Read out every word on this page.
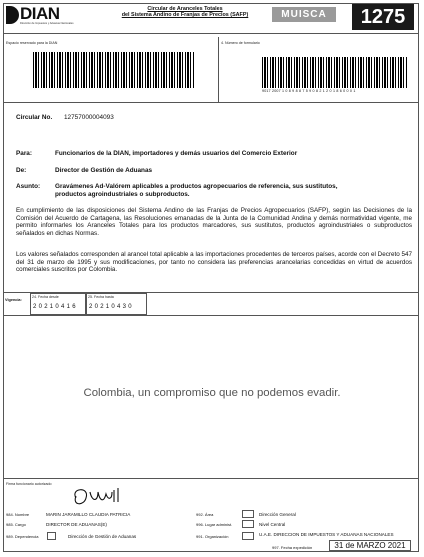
DIAN
Dirección de Impuestos y Aduanas Nacionales
Circular de Aranceles Totales
del Sistema Andino de Franjas de Precios (SAFP)	MUISCA	1275
Espacio reservado para la DIAN	4. Número de formulario
9017 2007 1 0 8 9 8 8 7 5 9 0 8 2 1 2 0 1 8 6 0 0 0 1
Circular No. 12757000004093
Para:	Funcionarios de la DIAN, importadores y demás usuarios del Comercio Exterior
De:	Director de Gestión de Aduanas
Asunto: Gravámenes Ad-Valórem aplicables a productos agropecuarios de referencia, sus sustitutos, productos agroindustriales o subproductos.
En cumplimiento de las disposiciones del Sistema Andino de las Franjas de Precios Agropecuarios (SAFP), según las Decisiones de la Comisión del Acuerdo de Cartagena, las Resoluciones emanadas de la Junta de la Comunidad Andina y demás normatividad vigente, me permito informarles los Aranceles Totales para los productos marcadores, sus sustitutos, productos agroindustriales o subproductos señalados en dichas Normas.
Los valores señalados corresponden al arancel total aplicable a las importaciones procedentes de terceros países, acorde con el Decreto 547 del 31 de marzo de 1995 y sus modificaciones, por tanto no considera las preferencias arancelarias concedidas en virtud de acuerdos comerciales suscritos por Colombia.
Vigencia:
24. Fecha desde
2 0 2 1 0 4 1 6
25. Fecha hasta
2 0 2 1 0 4 3 0
Colombia, un compromiso que no podemos evadir.
Firma funcionario autorizado
984. Nombre	MARIN JARAMILLO CLAUDIA PATRICIA
985. Cargo	DIRECTOR DE ADUANAS(E)
989. Dependencia	Dirección de Gestión de Aduanas
992. Área	Dirección General
996. Lugar administ.	Nivel Central
991. Organización	U.A.E. DIRECCION DE IMPUESTOS Y ADUANAS NACIONALES
997. Fecha expedición	31 de MARZO 2021
